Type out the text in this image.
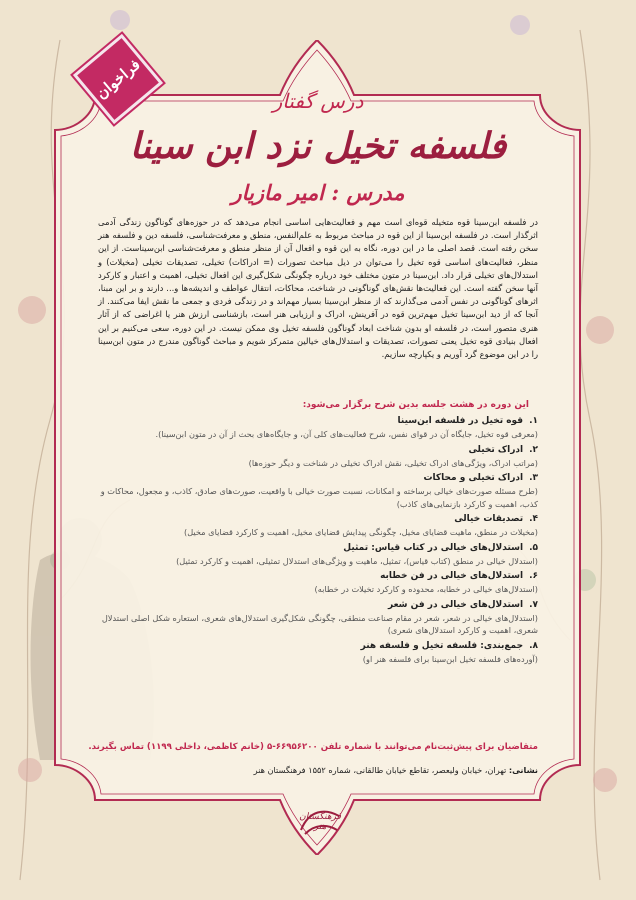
فراخوان	درس گفتار
فلسفه تخیل نزد ابن سینا
مدرس : امیر مازیار
در فلسفه ابن‌سینا قوه متخیله قوه‌ای است مهم و فعالیت‌هایی اساسی انجام می‌دهد که در حوزه‌های گوناگون زندگی آدمی اثرگذار است. در فلسفه ابن‌سینا از این قوه در مباحث مربوط به علم‌النفس، منطق و معرفت‌شناسی، فلسفه دین و فلسفه هنر سخن رفته است. قصد اصلی ما در این دوره، نگاه به این قوه و افعال آن از منظر منطق و معرفت‌شناسی ابن‌سیناست. از این منظر، فعالیت‌های اساسی قوه تخیل را می‌توان در ذیل مباحث تصورات (= ادراکات) تخیلی، تصدیقات تخیلی (مخیلات) و استدلال‌های تخیلی قرار داد. ابن‌سینا در متون مختلف خود درباره چگونگی شکل‌گیری این افعال تخیلی، اهمیت و اعتبار و کارکرد آنها سخن گفته است. این فعالیت‌ها نقش‌های گوناگونی در شناخت، محاکات، انتقال عواطف و اندیشه‌ها و... دارند و بر این مبنا، اثرهای گوناگونی در نفس آدمی می‌گذارند که از منظر ابن‌سینا بسیار مهم‌اند و در زندگی فردی و جمعی ما نقش ایفا می‌کنند. از آنجا که از دید ابن‌سینا تخیل مهم‌ترین قوه در آفرینش، ادراک و ارزیابی هنر است، بازشناسی ارزش هنر یا اغراضی که از آثار هنری متصور است، در فلسفه او بدون شناخت ابعاد گوناگون فلسفه تخیل وی ممکن نیست. در این دوره، سعی می‌کنیم بر این افعال بنیادی قوه تخیل یعنی تصورات، تصدیقات و استدلال‌های خیالین متمرکز شویم و مباحث گوناگون مندرج در متون ابن‌سینا را در این موضوع گرد آوریم و یکپارچه سازیم.
این دوره در هشت جلسه بدین شرح برگزار می‌شود:
۱.قوه تخیل در فلسفه ابن‌سینا
(معرفی قوه تخیل، جایگاه آن در قوای نفس، شرح فعالیت‌های کلی آن، و جایگاه‌های بحث از آن در متون ابن‌سینا).
۲.ادراک تخیلی
(مراتب ادراک، ویژگی‌های ادراک تخیلی، نقش ادراک تخیلی در شناخت و دیگر حوزه‌ها)
۳.ادراک تخیلی و محاکات
(طرح مسئله صورت‌های خیالی برساخته و امکانات، نسبت صورت خیالی با واقعیت، صورت‌های صادق، کاذب، و مجعول، محاکات و کذب، اهمیت و کارکرد بازنمایی‌های کاذب)
۴.تصدیقات خیالی
(مخیلات در منطق، ماهیت قضایای مخیل، چگونگی پیدایش قضایای مخیل، اهمیت و کارکرد قضایای مخیل)
۵.استدلال‌های خیالی در کتاب قیاس: تمثیل
(استدلال خیالی در منطق (کتاب قیاس)، تمثیل، ماهیت و ویژگی‌های استدلال تمثیلی، اهمیت و کارکرد تمثیل)
۶.استدلال‌های خیالی در فن خطابه
(استدلال‌های خیالی در خطابه، محدوده و کارکرد تخیلات در خطابه)
۷.استدلال‌های خیالی در فن شعر
(استدلال‌های خیالی در شعر، شعر در مقام صناعت منطقی، چگونگی شکل‌گیری استدلال‌های شعری، استعاره شکل اصلی استدلال شعری، اهمیت و کارکرد استدلال‌های شعری)
۸.جمع‌بندی: فلسفه تخیل و فلسفه هنر
(آورده‌های فلسفه تخیل ابن‌سینا برای فلسفه هنر او)
متقاضیان برای پیش‌ثبت‌نام می‌توانند با شماره تلفن ۶۶۹۵۶۲۰۰-۵ (خانم کاظمی، داخلی ۱۱۹۹) تماس بگیرند.
نشانی: تهران، خیابان ولیعصر، تقاطع خیابان طالقانی، شماره ۱۵۵۲ فرهنگستان هنر
فرهنگستان هنر
